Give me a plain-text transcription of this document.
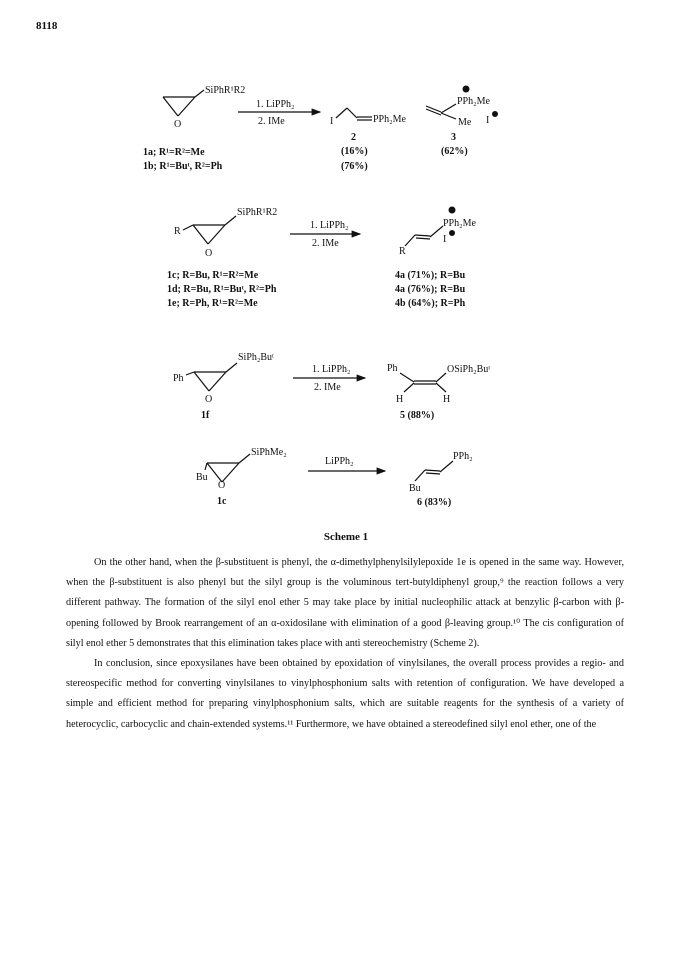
8118
O
SiPhR¹R2
1. LiPPh₂
2. IMe	I	PPh₂Me
2
(16%)
(76%)
PPh₂Me
Me I
3
(62%)
1a; R¹=R²=Me
1b; R¹=Buᵗ, R²=Ph
R
O
SiPhR¹R2
1. LiPPh₂
2. IMe
PPh₂Me
I
R
1c; R=Bu, R¹=R²=Me
1d; R=Bu, R¹=Buᵗ, R²=Ph
1e; R=Ph, R¹=R²=Me
4a (71%); R=Bu
4a (76%); R=Bu
4b (64%); R=Ph
Ph
O
SiPh₂Buᵗ
1f
1. LiPPh₂
2. IMe
Ph	OSiPh₂Buᵗ
H	H
5 (88%)
Bu
O
SiPhMe₂
1c
LiPPh₂	PPh₂
Bu
6 (83%)
Scheme 1

On the other hand, when the β-substituent is phenyl, the α-dimethylphenylsilylepoxide 1e is opened in the same way. However, when the β-substituent is also phenyl but the silyl group is the voluminous tert-butyldiphenyl group,⁹ the reaction follows a very different pathway. The formation of the silyl enol ether 5 may take place by initial nucleophilic attack at benzylic β-carbon with β-opening followed by Brook rearrangement of an α-oxidosilane with elimination of a good β-leaving group.¹⁰ The cis configuration of silyl enol ether 5 demonstrates that this elimination takes place with anti stereochemistry (Scheme 2).

In conclusion, since epoxysilanes have been obtained by epoxidation of vinylsilanes, the overall process provides a regio- and stereospecific method for converting vinylsilanes to vinylphosphonium salts with retention of configuration. We have developed a simple and efficient method for preparing vinylphosphonium salts, which are suitable reagents for the synthesis of a variety of heterocyclic, carbocyclic and chain-extended systems.¹¹ Furthermore, we have obtained a stereodefined silyl enol ether, one of the
